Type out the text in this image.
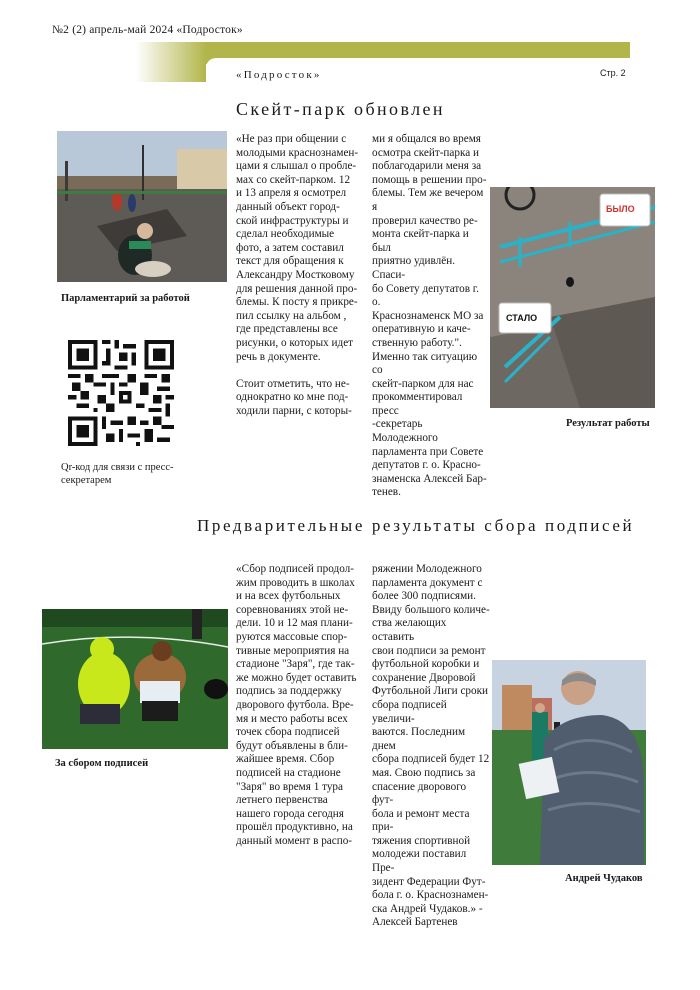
№2 (2) апрель-май 2024 «Подросток»
«Подросток»	Стр. 2
Скейт-парк обновлен
Парламентарий за работой
Qr-код для связи с пресс-
секретарем
«Не раз при общении с
молодыми краснознамен-
цами я слышал о пробле-
мах со скейт-парком. 12
и 13 апреля я осмотрел
данный объект город-
ской инфраструктуры и
сделал необходимые
фото, а затем составил
текст для обращения к
Александру Мостковому
для решения данной про-
блемы. К посту я прикре-
пил ссылку на альбом ,
где представлены все
рисунки, о которых идет
речь в документе.

Стоит отметить, что не-
однократно ко мне под-
ходили парни, с которы-
ми я общался во время
осмотра скейт-парка и
поблагодарили меня за
помощь в решении про-
блемы. Тем же вечером я
проверил качество ре-
монта скейт-парка и был
приятно удивлён. Спаси-
бо Совету депутатов г. о.
Краснознаменск МО за
оперативную и каче-
ственную работу.".
Именно так ситуацию со
скейт-парком для нас
прокомментировал пресс
-секретарь Молодежного
парламента при Совете
депутатов г. о. Красно-
знаменска Алексей Бар-
тенев.
БЫЛО
СТАЛО
Результат работы
Предварительные результаты сбора подписей
За сбором подписей
«Сбор подписей продол-
жим проводить в школах
и на всех футбольных
соревнованиях этой не-
дели. 10 и 12 мая плани-
руются массовые спор-
тивные мероприятия на
стадионе "Заря", где так-
же можно будет оставить
подпись за поддержку
дворового футбола. Вре-
мя и место работы всех
точек сбора подписей
будут объявлены в бли-
жайшее время. Сбор
подписей на стадионе
"Заря" во время 1 тура
летнего первенства
нашего города сегодня
прошёл продуктивно, на
данный момент в распо-
ряжении Молодежного
парламента документ с
более 300 подписями.
Ввиду большого количе-
ства желающих оставить
свои подписи за ремонт
футбольной коробки и
сохранение Дворовой
Футбольной Лиги сроки
сбора подписей увеличи-
ваются. Последним днем
сбора подписей будет 12
мая. Свою подпись за
спасение дворового фут-
бола и ремонт места при-
тяжения спортивной
молодежи поставил Пре-
зидент Федерации Фут-
бола г. о. Краснознамен-
ска Андрей Чудаков.» -
Алексей Бартенев
Андрей Чудаков
